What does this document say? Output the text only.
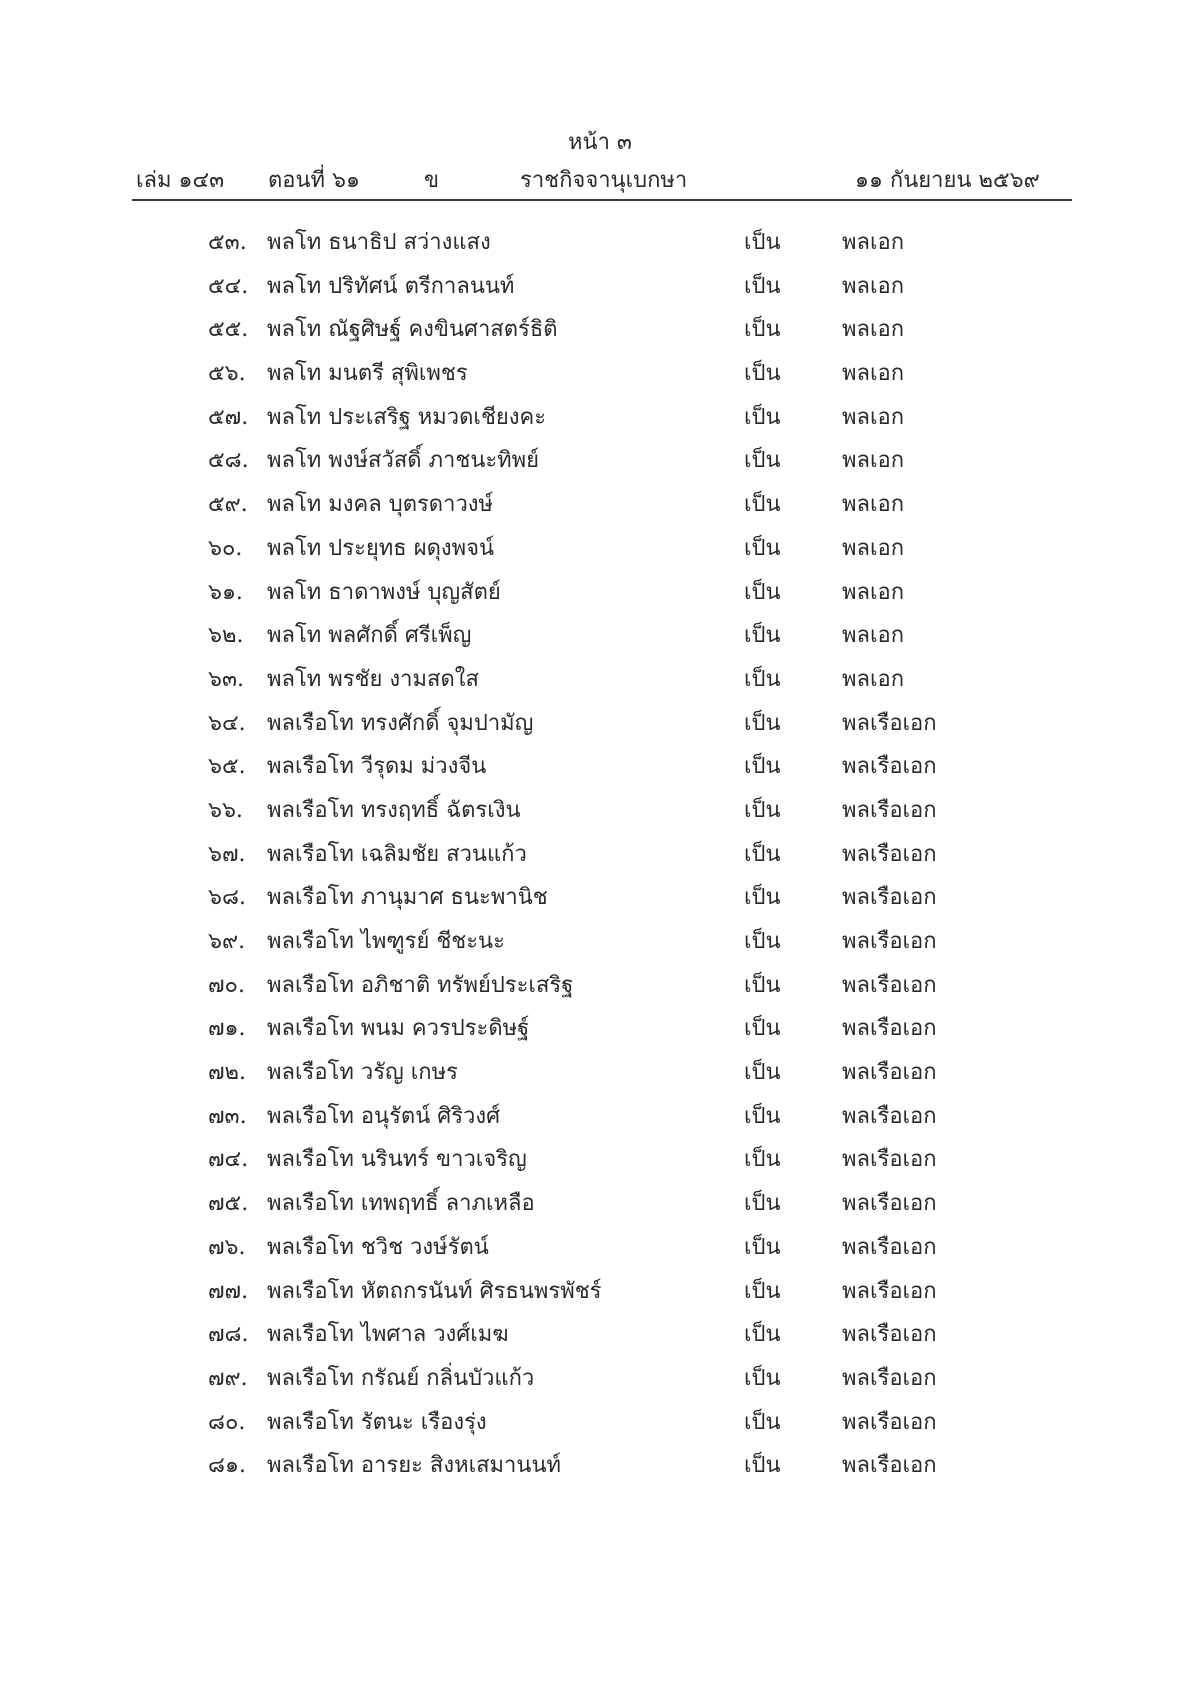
หน้า ๓
เล่ม ๑๔๓ ตอนที่ ๖๑	ข	ราชกิจจานุเบกษา	๑๑ กันยายน ๒๕๖๙
๕๓. พลโท ธนาธิป สว่างแสง	เป็น	พลเอก
๕๔. พลโท ปริทัศน์ ตรีกาลนนท์	เป็น	พลเอก
๕๕. พลโท ณัฐศิษฐ์ คงขินศาสตร์ธิติ	เป็น	พลเอก
๕๖. พลโท มนตรี สุพิเพชร	เป็น	พลเอก
๕๗. พลโท ประเสริฐ หมวดเชียงคะ	เป็น	พลเอก
๕๘. พลโท พงษ์สวัสดิ์ ภาชนะทิพย์	เป็น	พลเอก
๕๙. พลโท มงคล บุตรดาวงษ์	เป็น	พลเอก
๖๐. พลโท ประยุทธ ผดุงพจน์	เป็น	พลเอก
๖๑. พลโท ธาดาพงษ์ บุญสัตย์	เป็น	พลเอก
๖๒. พลโท พลศักดิ์ ศรีเพ็ญ	เป็น	พลเอก
๖๓. พลโท พรชัย งามสดใส	เป็น	พลเอก
๖๔. พลเรือโท ทรงศักดิ์ จุมปามัญ	เป็น	พลเรือเอก
๖๕. พลเรือโท วีรุดม ม่วงจีน	เป็น	พลเรือเอก
๖๖. พลเรือโท ทรงฤทธิ์ ฉัตรเงิน	เป็น	พลเรือเอก
๖๗. พลเรือโท เฉลิมชัย สวนแก้ว	เป็น	พลเรือเอก
๖๘. พลเรือโท ภานุมาศ ธนะพานิช	เป็น	พลเรือเอก
๖๙. พลเรือโท ไพฑูรย์ ชีชะนะ	เป็น	พลเรือเอก
๗๐. พลเรือโท อภิชาติ ทรัพย์ประเสริฐ	เป็น	พลเรือเอก
๗๑. พลเรือโท พนม ควรประดิษฐ์	เป็น	พลเรือเอก
๗๒. พลเรือโท วรัญ เกษร	เป็น	พลเรือเอก
๗๓. พลเรือโท อนุรัตน์ ศิริวงศ์	เป็น	พลเรือเอก
๗๔. พลเรือโท นรินทร์ ขาวเจริญ	เป็น	พลเรือเอก
๗๕. พลเรือโท เทพฤทธิ์ ลาภเหลือ	เป็น	พลเรือเอก
๗๖. พลเรือโท ชวิช วงษ์รัตน์	เป็น	พลเรือเอก
๗๗. พลเรือโท หัตถกรนันท์ ศิรธนพรพัชร์	เป็น	พลเรือเอก
๗๘. พลเรือโท ไพศาล วงศ์เมฆ	เป็น	พลเรือเอก
๗๙. พลเรือโท กรัณย์ กลิ่นบัวแก้ว	เป็น	พลเรือเอก
๘๐. พลเรือโท รัตนะ เรืองรุ่ง	เป็น	พลเรือเอก
๘๑. พลเรือโท อารยะ สิงหเสมานนท์	เป็น	พลเรือเอก
